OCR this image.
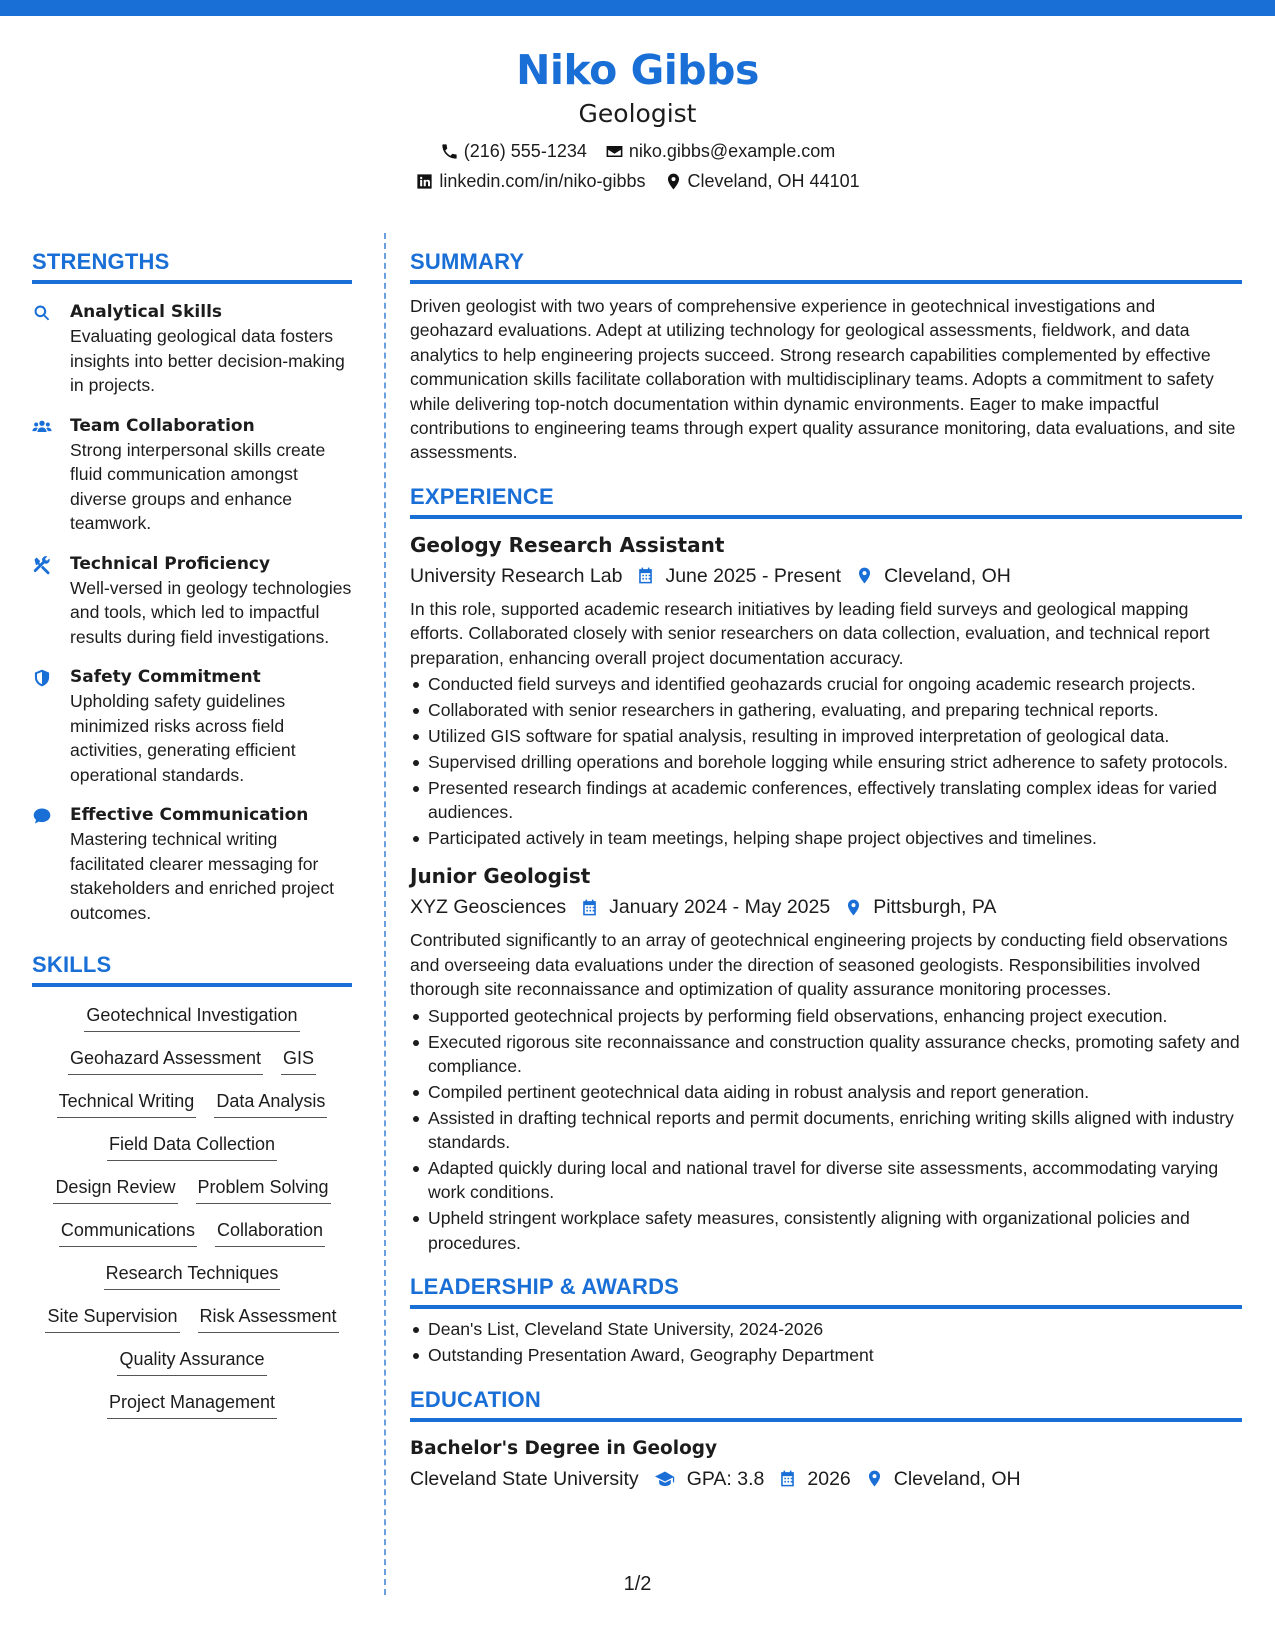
Niko Gibbs
Geologist
(216) 555-1234 niko.gibbs@example.com
linkedin.com/in/niko-gibbs Cleveland, OH 44101
STRENGTHS
Analytical Skills
Evaluating geological data fosters insights into better decision-making in projects.
Team Collaboration
Strong interpersonal skills create fluid communication amongst diverse groups and enhance teamwork.
Technical Proficiency
Well-versed in geology technologies and tools, which led to impactful results during field investigations.
Safety Commitment
Upholding safety guidelines minimized risks across field activities, generating efficient operational standards.
Effective Communication
Mastering technical writing facilitated clearer messaging for stakeholders and enriched project outcomes.
SKILLS
Geotechnical Investigation
Geohazard Assessment GIS
Technical Writing Data Analysis
Field Data Collection
Design Review Problem Solving
Communications Collaboration
Research Techniques
Site Supervision Risk Assessment
Quality Assurance
Project Management
SUMMARY
Driven geologist with two years of comprehensive experience in geotechnical investigations and geohazard evaluations. Adept at utilizing technology for geological assessments, fieldwork, and data analytics to help engineering projects succeed. Strong research capabilities complemented by effective communication skills facilitate collaboration with multidisciplinary teams. Adopts a commitment to safety while delivering top-notch documentation within dynamic environments. Eager to make impactful contributions to engineering teams through expert quality assurance monitoring, data evaluations, and site assessments.
EXPERIENCE
Geology Research Assistant
University Research Lab June 2025 - Present Cleveland, OH
In this role, supported academic research initiatives by leading field surveys and geological mapping efforts. Collaborated closely with senior researchers on data collection, evaluation, and technical report preparation, enhancing overall project documentation accuracy.
Conducted field surveys and identified geohazards crucial for ongoing academic research projects.
Collaborated with senior researchers in gathering, evaluating, and preparing technical reports.
Utilized GIS software for spatial analysis, resulting in improved interpretation of geological data.
Supervised drilling operations and borehole logging while ensuring strict adherence to safety protocols.
Presented research findings at academic conferences, effectively translating complex ideas for varied audiences.
Participated actively in team meetings, helping shape project objectives and timelines.
Junior Geologist
XYZ Geosciences January 2024 - May 2025 Pittsburgh, PA
Contributed significantly to an array of geotechnical engineering projects by conducting field observations and overseeing data evaluations under the direction of seasoned geologists. Responsibilities involved thorough site reconnaissance and optimization of quality assurance monitoring processes.
Supported geotechnical projects by performing field observations, enhancing project execution.
Executed rigorous site reconnaissance and construction quality assurance checks, promoting safety and compliance.
Compiled pertinent geotechnical data aiding in robust analysis and report generation.
Assisted in drafting technical reports and permit documents, enriching writing skills aligned with industry standards.
Adapted quickly during local and national travel for diverse site assessments, accommodating varying work conditions.
Upheld stringent workplace safety measures, consistently aligning with organizational policies and procedures.
LEADERSHIP & AWARDS
Dean's List, Cleveland State University, 2024-2026
Outstanding Presentation Award, Geography Department
EDUCATION
Bachelor's Degree in Geology
Cleveland State University GPA: 3.8 2026 Cleveland, OH
1/2
